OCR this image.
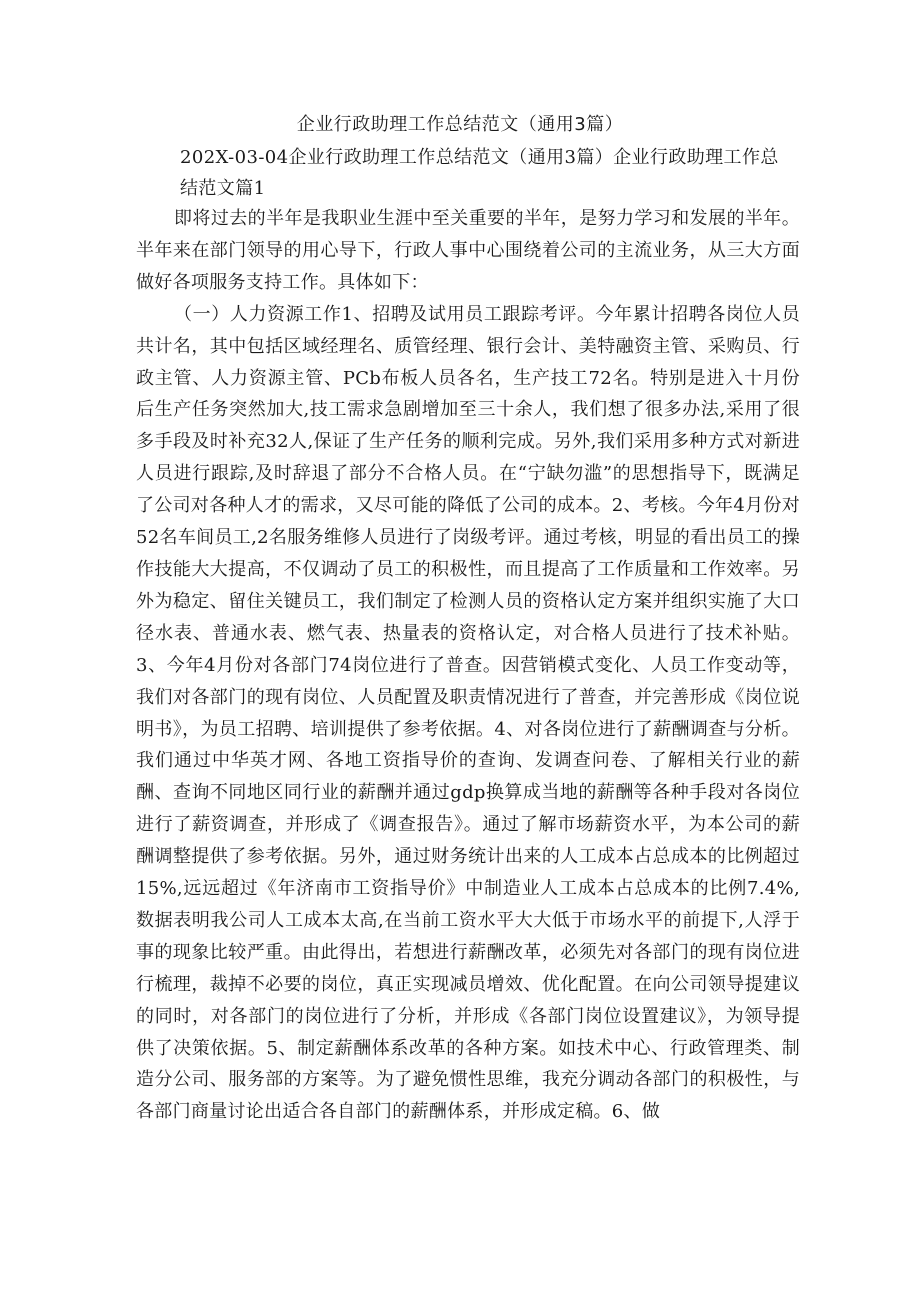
企业行政助理工作总结范文（通用3篇）
202X-03-04企业行政助理工作总结范文（通用3篇）企业行政助理工作总结范文篇1

即将过去的半年是我职业生涯中至关重要的半年，是努力学习和发展的半年。半年来在部门领导的用心导下，行政人事中心围绕着公司的主流业务，从三大方面做好各项服务支持工作。具体如下：

（一）人力资源工作1、招聘及试用员工跟踪考评。今年累计招聘各岗位人员共计名，其中包括区域经理名、质管经理、银行会计、美特融资主管、采购员、行政主管、人力资源主管、PCb布板人员各名，生产技工72名。特别是进入十月份后生产任务突然加大,技工需求急剧增加至三十余人，我们想了很多办法,采用了很多手段及时补充32人,保证了生产任务的顺利完成。另外,我们采用多种方式对新进人员进行跟踪,及时辞退了部分不合格人员。在“宁缺勿滥”的思想指导下，既满足了公司对各种人才的需求，又尽可能的降低了公司的成本。2、考核。今年4月份对52名车间员工,2名服务维修人员进行了岗级考评。通过考核，明显的看出员工的操作技能大大提高，不仅调动了员工的积极性，而且提高了工作质量和工作效率。另外为稳定、留住关键员工，我们制定了检测人员的资格认定方案并组织实施了大口径水表、普通水表、燃气表、热量表的资格认定，对合格人员进行了技术补贴。3、今年4月份对各部门74岗位进行了普查。因营销模式变化、人员工作变动等，我们对各部门的现有岗位、人员配置及职责情况进行了普查，并完善形成《岗位说明书》，为员工招聘、培训提供了参考依据。4、对各岗位进行了薪酬调查与分析。我们通过中华英才网、各地工资指导价的查询、发调查问卷、了解相关行业的薪酬、查询不同地区同行业的薪酬并通过gdp换算成当地的薪酬等各种手段对各岗位进行了薪资调查，并形成了《调查报告》。通过了解市场薪资水平，为本公司的薪酬调整提供了参考依据。另外，通过财务统计出来的人工成本占总成本的比例超过15%,远远超过《年济南市工资指导价》中制造业人工成本占总成本的比例7.4%,数据表明我公司人工成本太高,在当前工资水平大大低于市场水平的前提下,人浮于事的现象比较严重。由此得出，若想进行薪酬改革，必须先对各部门的现有岗位进行梳理，裁掉不必要的岗位，真正实现减员增效、优化配置。在向公司领导提建议的同时，对各部门的岗位进行了分析，并形成《各部门岗位设置建议》，为领导提供了决策依据。5、制定薪酬体系改革的各种方案。如技术中心、行政管理类、制造分公司、服务部的方案等。为了避免惯性思维，我充分调动各部门的积极性，与各部门商量讨论出适合各自部门的薪酬体系，并形成定稿。6、做
